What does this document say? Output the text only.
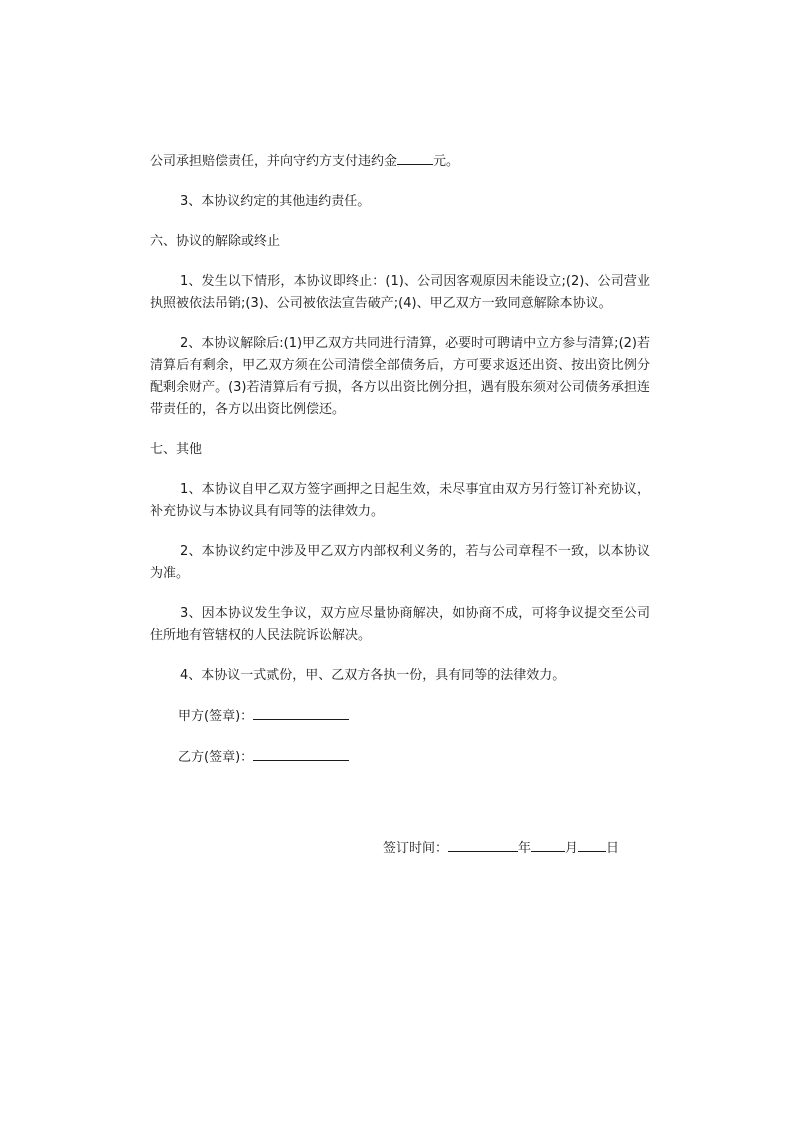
公司承担赔偿责任，并向守约方支付违约金	元。

3、本协议约定的其他违约责任。

六、协议的解除或终止

1、发生以下情形，本协议即终止：(1)、公司因客观原因未能设立;(2)、公司营业执照被依法吊销;(3)、公司被依法宣告破产;(4)、甲乙双方一致同意解除本协议。

2、本协议解除后:(1)甲乙双方共同进行清算，必要时可聘请中立方参与清算;(2)若清算后有剩余，甲乙双方须在公司清偿全部债务后，方可要求返还出资、按出资比例分配剩余财产。(3)若清算后有亏损，各方以出资比例分担，遇有股东须对公司债务承担连带责任的，各方以出资比例偿还。

七、其他

1、本协议自甲乙双方签字画押之日起生效，未尽事宜由双方另行签订补充协议，补充协议与本协议具有同等的法律效力。

2、本协议约定中涉及甲乙双方内部权利义务的，若与公司章程不一致，以本协议为准。

3、因本协议发生争议，双方应尽量协商解决，如协商不成，可将争议提交至公司住所地有管辖权的人民法院诉讼解决。

4、本协议一式贰份，甲、乙双方各执一份，具有同等的法律效力。

甲方(签章)：

乙方(签章)：

签订时间：	年	月 日
